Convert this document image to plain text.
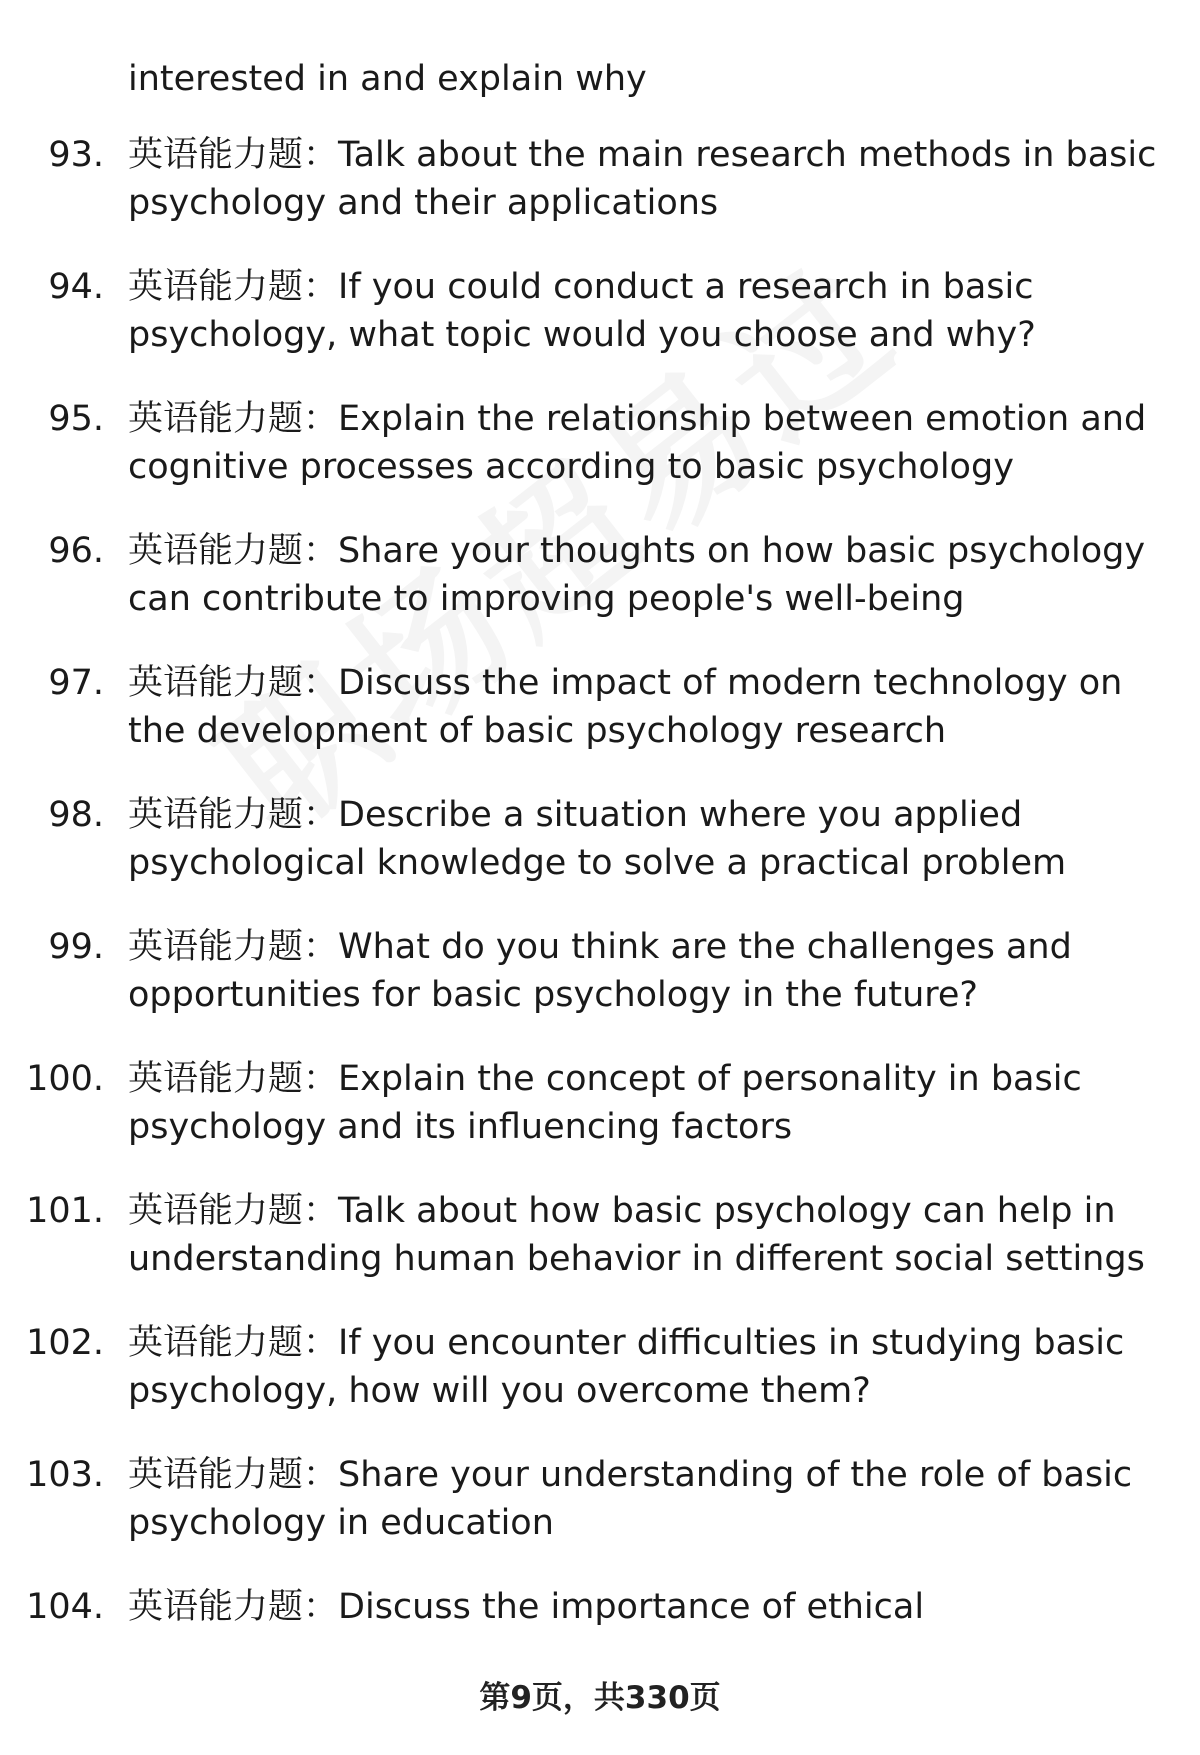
interested in and explain why
93. 英语能力题：Talk about the main research methods in basic
psychology and their applications
94. 英语能力题：If you could conduct a research in basic
psychology, what topic would you choose and why?
95. 英语能力题：Explain the relationship between emotion and
cognitive processes according to basic psychology
96. 英语能力题：Share your thoughts on how basic psychology
can contribute to improving people's well-being
97. 英语能力题：Discuss the impact of modern technology on
the development of basic psychology research
98. 英语能力题：Describe a situation where you applied
psychological knowledge to solve a practical problem
99. 英语能力题：What do you think are the challenges and
opportunities for basic psychology in the future?
100. 英语能力题：Explain the concept of personality in basic
psychology and its influencing factors
101. 英语能力题：Talk about how basic psychology can help in
understanding human behavior in different social settings
102. 英语能力题：If you encounter difficulties in studying basic
psychology, how will you overcome them?
103. 英语能力题：Share your understanding of the role of basic
psychology in education
104. 英语能力题：Discuss the importance of ethical
第9页，共330页
